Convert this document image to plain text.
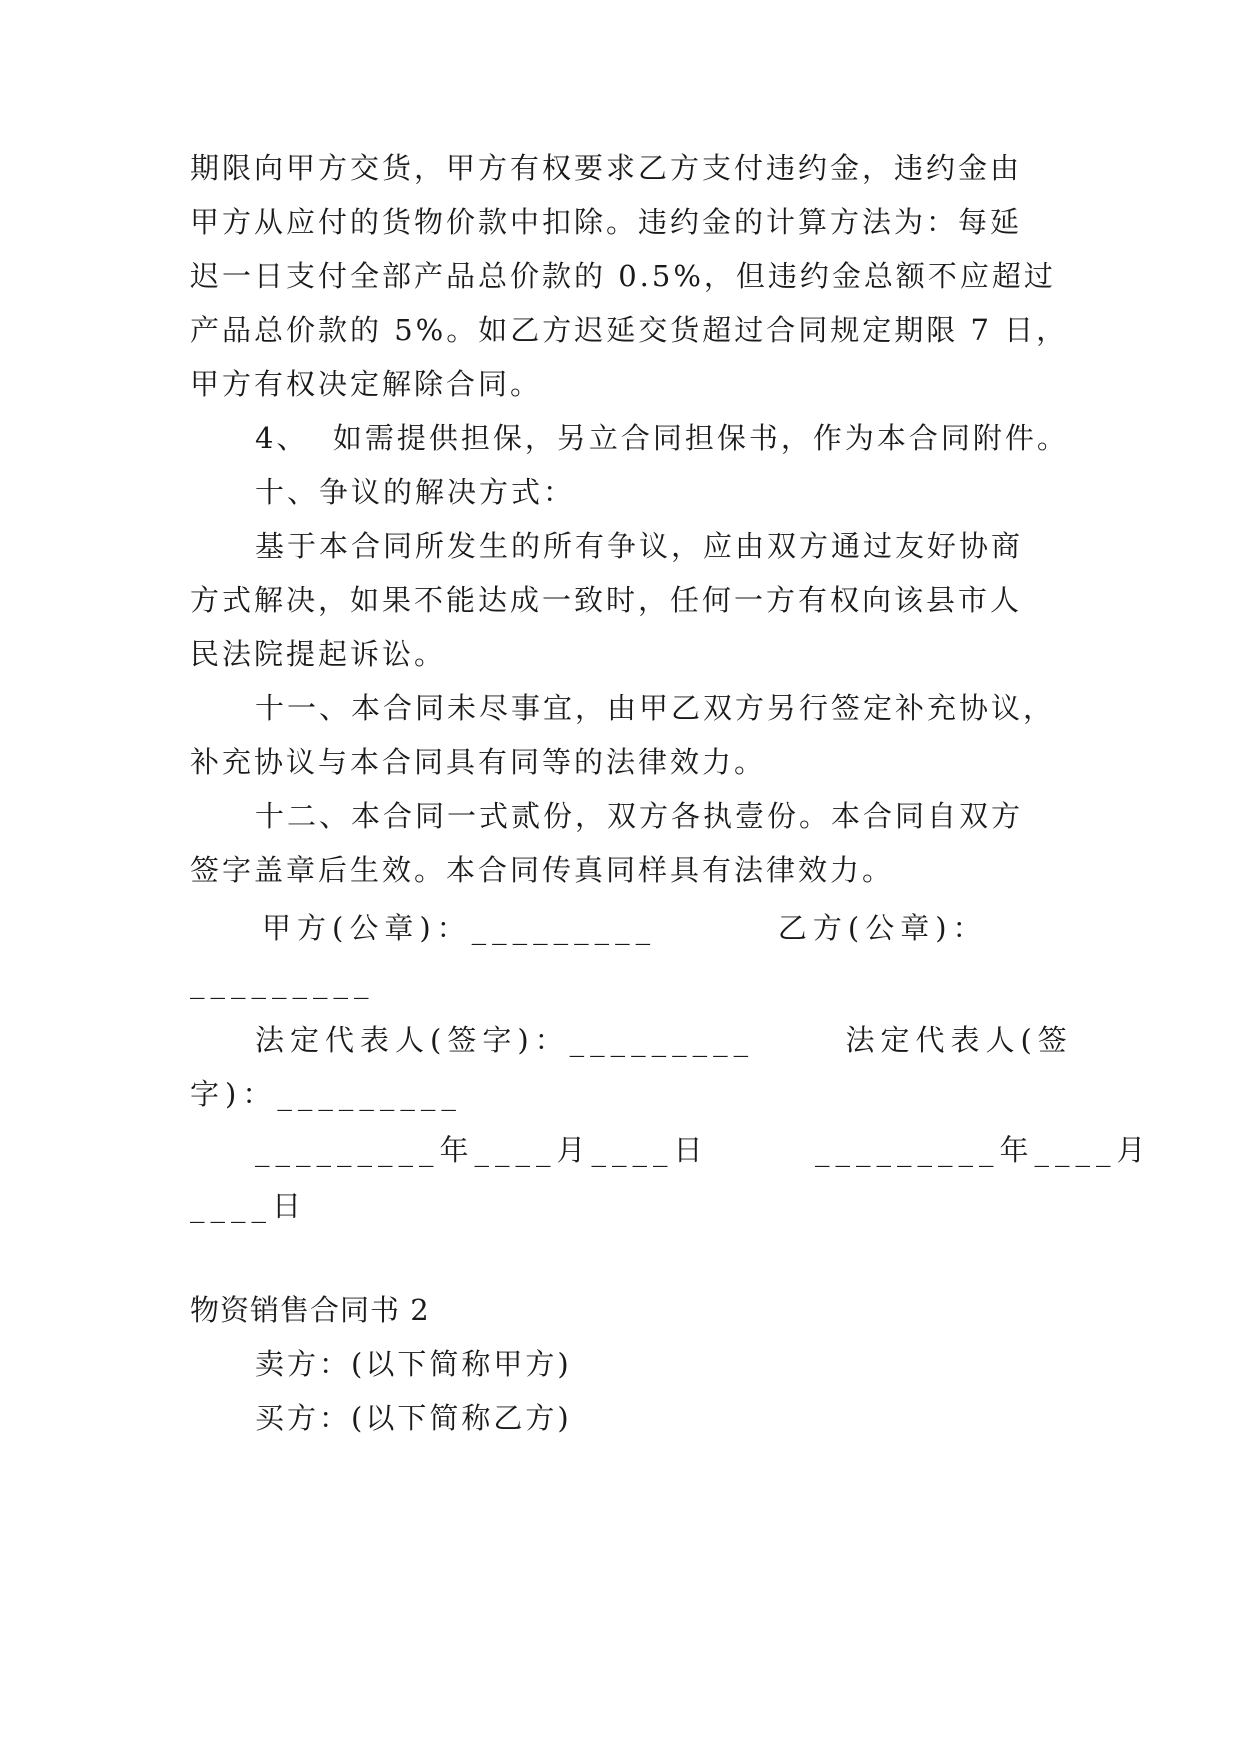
期限向甲方交货，甲方有权要求乙方支付违约金，违约金由
甲方从应付的货物价款中扣除。违约金的计算方法为：每延
迟一日支付全部产品总价款的 0.5%，但违约金总额不应超过
产品总价款的 5%。如乙方迟延交货超过合同规定期限 7 日，
甲方有权决定解除合同。
4、  如需提供担保，另立合同担保书，作为本合同附件。
十、争议的解决方式：
基于本合同所发生的所有争议，应由双方通过友好协商
方式解决，如果不能达成一致时，任何一方有权向该县市人
民法院提起诉讼。
十一、本合同未尽事宜，由甲乙双方另行签定补充协议，
补充协议与本合同具有同等的法律效力。
十二、本合同一式贰份，双方各执壹份。本合同自双方
签字盖章后生效。本合同传真同样具有法律效力。
甲方(公章)：_________        乙方(公章)：
_________
法定代表人(签字)：_________      法定代表人(签
字)：_________
_________年____月____日       _________年____月
____日
物资销售合同书 2
卖方：(以下简称甲方)
买方：(以下简称乙方)
